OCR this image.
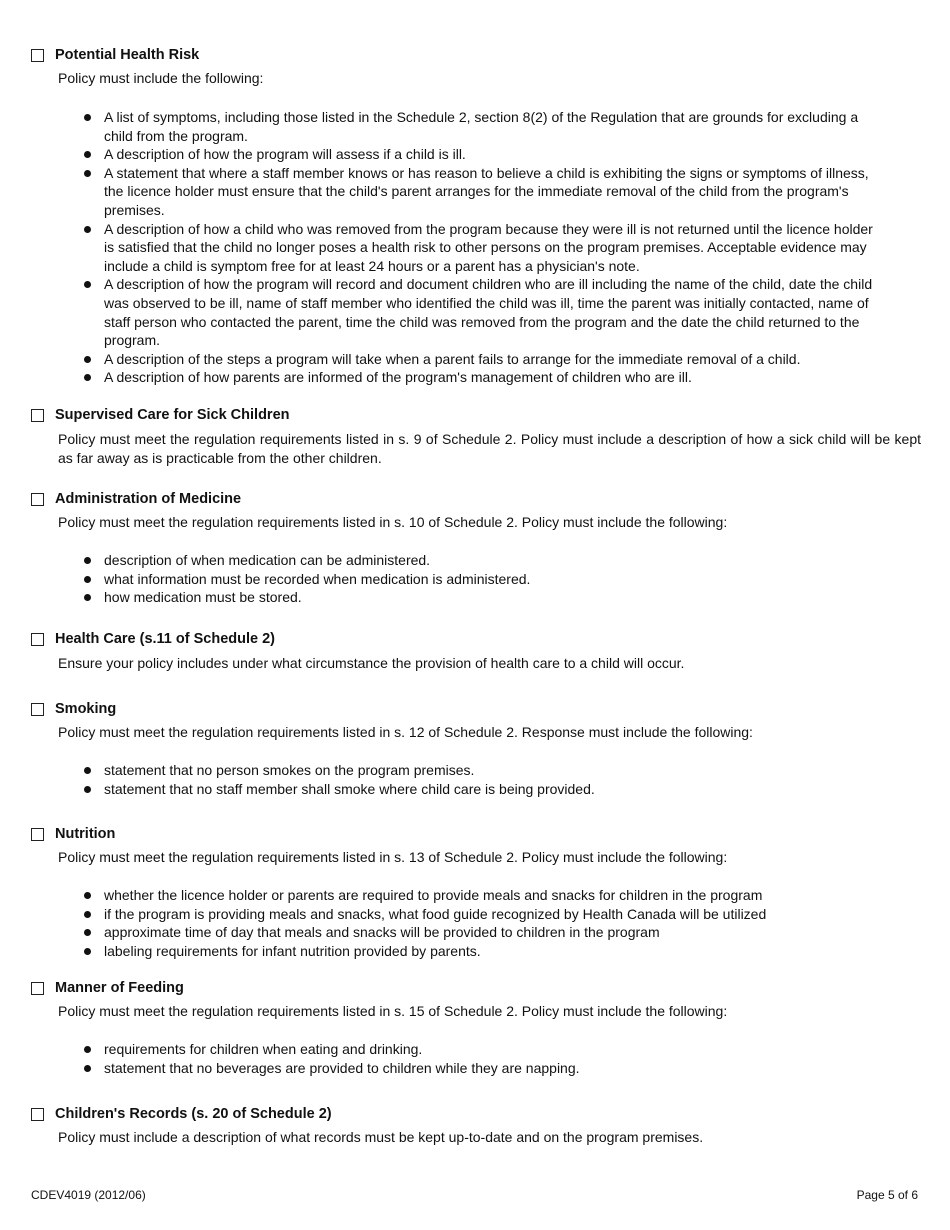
Potential Health Risk

Policy must include the following:

A list of symptoms, including those listed in the Schedule 2, section 8(2) of the Regulation that are grounds for excluding a child from the program.
A description of how the program will assess if a child is ill.
A statement that where a staff member knows or has reason to believe a child is exhibiting the signs or symptoms of illness, the licence holder must ensure that the child's parent arranges for the immediate removal of the child from the program's premises.
A description of how a child who was removed from the program because they were ill is not returned until the licence holder is satisfied that the child no longer poses a health risk to other persons on the program premises. Acceptable evidence may include a child is symptom free for at least 24 hours or a parent has a physician's note.
A description of how the program will record and document children who are ill including the name of the child, date the child was observed to be ill, name of staff member who identified the child was ill, time the parent was initially contacted, name of staff person who contacted the parent, time the child was removed from the program and the date the child returned to the program.
A description of the steps a program will take when a parent fails to arrange for the immediate removal of a child.
A description of how parents are informed of the program's management of children who are ill.
Supervised Care for Sick Children

Policy must meet the regulation requirements listed in s. 9 of Schedule 2. Policy must include a description of how a sick child will be kept as far away as is practicable from the other children.

Administration of Medicine

Policy must meet the regulation requirements listed in s. 10 of Schedule 2. Policy must include the following:

description of when medication can be administered.
what information must be recorded when medication is administered.
how medication must be stored.
Health Care (s.11 of Schedule 2)

Ensure your policy includes under what circumstance the provision of health care to a child will occur.

Smoking

Policy must meet the regulation requirements listed in s. 12 of Schedule 2. Response must include the following:

statement that no person smokes on the program premises.
statement that no staff member shall smoke where child care is being provided.
Nutrition

Policy must meet the regulation requirements listed in s. 13 of Schedule 2. Policy must include the following:

whether the licence holder or parents are required to provide meals and snacks for children in the program
if the program is providing meals and snacks, what food guide recognized by Health Canada will be utilized
approximate time of day that meals and snacks will be provided to children in the program
labeling requirements for infant nutrition provided by parents.
Manner of Feeding

Policy must meet the regulation requirements listed in s. 15 of Schedule 2. Policy must include the following:

requirements for children when eating and drinking.
statement that no beverages are provided to children while they are napping.
Children's Records (s. 20 of Schedule 2)

Policy must include a description of what records must be kept up-to-date and on the program premises.

CDEV4019 (2012/06)	Page 5 of 6
